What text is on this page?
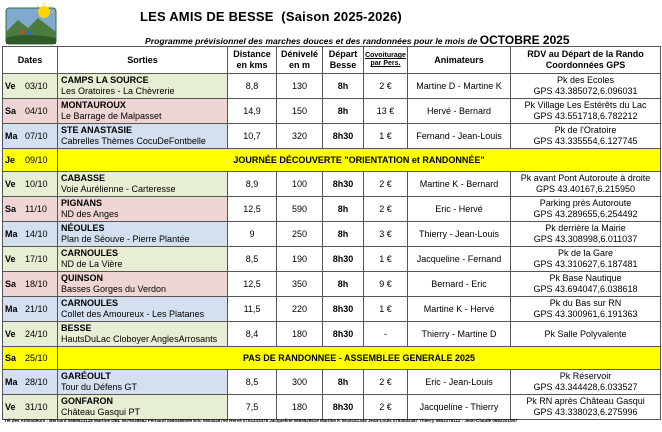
LES AMIS DE BESSE (Saison 2025-2026)
Programme prévisionnel des marches douces et des randonnées pour le mois de OCTOBRE 2025
Dates	Sorties	Distance en kms	Dénivelé en m	Départ Besse	Covoiturage
par Pers.	Animateurs	RDV au Départ de la Rando
Coordonnées GPS
Ve 03/10	CAMPS LA SOURCE
Les Oratoires - La Chèvrerie	8,8	130	8h	2 €	Martine D - Martine K	Pk des Ecoles
GPS 43.385072,6.096031
Sa 04/10	MONTAUROUX
Le Barrage de Malpasset	14,9	150	8h	13 €	Hervé - Bernard	Pk Village Les Estérêts du Lac
GPS 43.551718,6.782212
Ma 07/10	STE ANASTASIE
Cabrelles Thèmes CocuDeFontbelle	10,7	320	8h30	1 €	Fernand - Jean-Louis	Pk de l'Oratoire
GPS 43.335554,6.127745
Je 09/10	JOURNÉE DÉCOUVERTE "ORIENTATION et RANDONNÉE"						
Ve 10/10	CABASSE
Voie Aurélienne - Carteresse	8,9	100	8h30	2 €	Martine K - Bernard	Pk avant Pont Autoroute à droite
GPS 43.40167,6.215950
Sa 11/10	PIGNANS
ND des Anges	12,5	590	8h	2 €	Eric - Hervé	Parking près Autoroute
GPS 43.289655,6.254492
Ma 14/10	NÉOULES
Plan de Séouve - Pierre Plantée	9	250	8h	3 €	Thierry - Jean-Louis	Pk derrière la Mairie
GPS 43.308998,6.011037
Ve 17/10	CARNOULES
ND de La Vière	8,5	190	8h30	1 €	Jacqueline - Fernand	Pk de la Gare
GPS 43.310627,6.187481
Sa 18/10	QUINSON
Basses Gorges du Verdon	12,5	350	8h	9 €	Bernard - Eric	Pk Base Nautique
GPS 43.694047,6.038618
Ma 21/10	CARNOULES
Collet des Amoureux - Les Platanes	11,5	220	8h30	1 €	Martine K - Hervé	Pk du Bas sur RN
GPS 43.300961,6.191363
Ve 24/10	BESSE
HautsDuLac Cloboyer AnglesArrosants	8,4	180	8h30	-	Thierry - Martine D	Pk Salle Polyvalente

Sa 25/10	PAS DE RANDONNEE - ASSEMBLEE GENERALE 2025						
Ma 28/10	GARÉOULT
Tour du Défens GT	8,5	300	8h	2 €	Eric - Jean-Louis	Pk Réservoir
GPS 43.344428,6.033527
Ve 31/10	GONFARON
Château Gasqui PT	7,5	180	8h30	2 €	Jacqueline - Thierry	Pk RN après Château Gasqui
GPS 43.338023,6.275996
Tél des Animateurs : Bernard 0686923128 Martine DBL 0675038562 Fernand 0680486099 Eric 0604528790 Hervé 0761433478 Jacqueline 0685529519 Martine K 0616181345 Jean-Louis 0783043387 Thierry 0652276112 - Jean-Claude 0682201067
